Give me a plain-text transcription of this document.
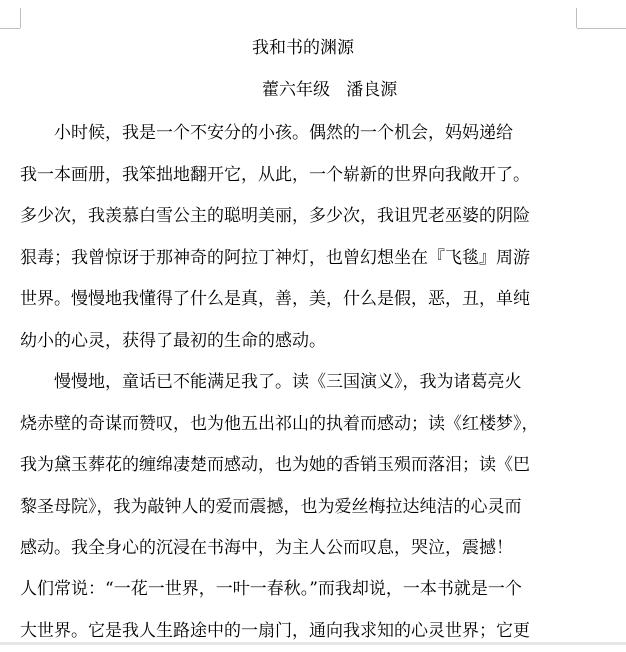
我和书的渊源
藿六年级   潘良源
　　小时候，我是一个不安分的小孩。偶然的一个机会，妈妈递给
我一本画册，我笨拙地翻开它，从此，一个崭新的世界向我敞开了。
多少次，我羡慕白雪公主的聪明美丽，多少次，我诅咒老巫婆的阴险
狠毒；我曾惊讶于那神奇的阿拉丁神灯，也曾幻想坐在『飞毯』周游
世界。慢慢地我懂得了什么是真，善，美，什么是假，恶，丑，单纯
幼小的心灵，获得了最初的生命的感动。
　　慢慢地，童话已不能满足我了。读《三国演义》，我为诸葛亮火
烧赤壁的奇谋而赞叹，也为他五出祁山的执着而感动；读《红楼梦》，
我为黛玉葬花的缠绵凄楚而感动，也为她的香销玉殒而落泪；读《巴
黎圣母院》，我为敲钟人的爱而震撼，也为爱丝梅拉达纯洁的心灵而
感动。我全身心的沉浸在书海中，为主人公而叹息，哭泣，震撼！
人们常说：“一花一世界，一叶一春秋。”而我却说，一本书就是一个
大世界。它是我人生路途中的一扇门，通向我求知的心灵世界；它更
